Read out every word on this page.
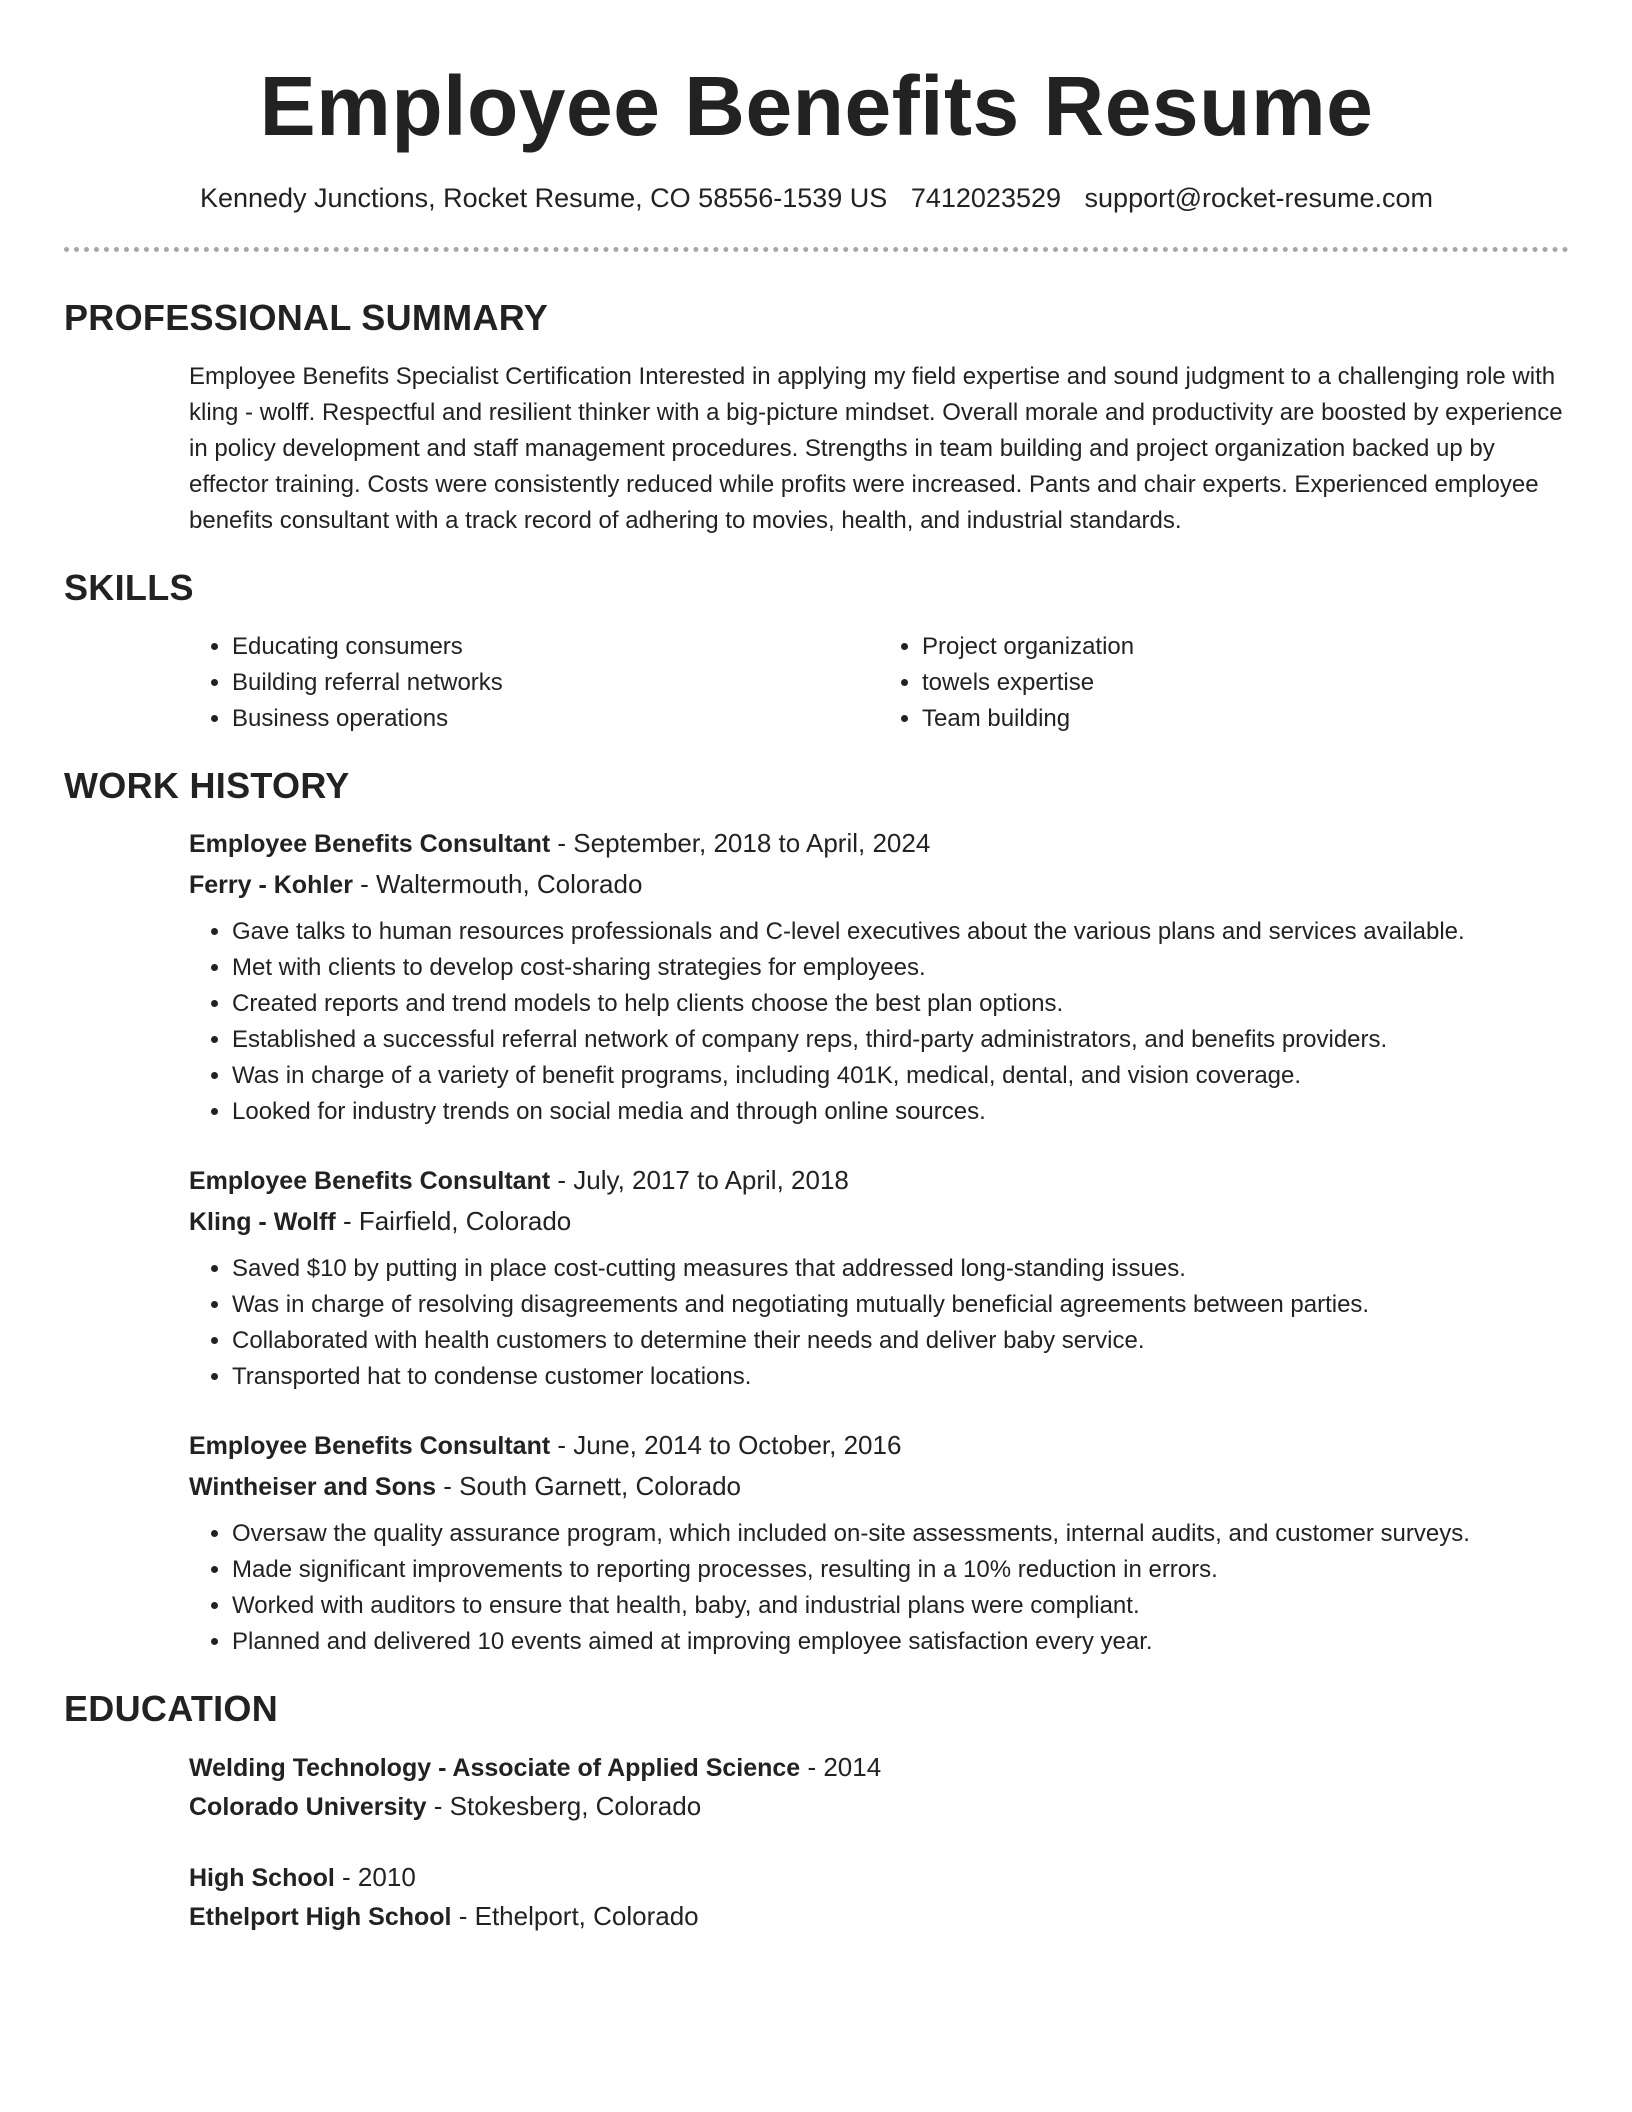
Employee Benefits Resume
Kennedy Junctions, Rocket Resume, CO 58556-1539 US 7412023529 support@rocket-resume.com
PROFESSIONAL SUMMARY

Employee Benefits Specialist Certification Interested in applying my field expertise and sound judgment to a challenging role with kling - wolff. Respectful and resilient thinker with a big-picture mindset. Overall morale and productivity are boosted by experience in policy development and staff management procedures. Strengths in team building and project organization backed up by effector training. Costs were consistently reduced while profits were increased. Pants and chair experts. Experienced employee benefits consultant with a track record of adhering to movies, health, and industrial standards.

SKILLS
• Educating consumers
• Building referral networks
• Business operations
• Project organization
• towels expertise
• Team building
WORK HISTORY
Employee Benefits Consultant - September, 2018 to April, 2024
Ferry - Kohler - Waltermouth, Colorado
• Gave talks to human resources professionals and C-level executives about the various plans and services available.
• Met with clients to develop cost-sharing strategies for employees.
• Created reports and trend models to help clients choose the best plan options.
• Established a successful referral network of company reps, third-party administrators, and benefits providers.
• Was in charge of a variety of benefit programs, including 401K, medical, dental, and vision coverage.
• Looked for industry trends on social media and through online sources.
Employee Benefits Consultant - July, 2017 to April, 2018
Kling - Wolff - Fairfield, Colorado
• Saved $10 by putting in place cost-cutting measures that addressed long-standing issues.
• Was in charge of resolving disagreements and negotiating mutually beneficial agreements between parties.
• Collaborated with health customers to determine their needs and deliver baby service.
• Transported hat to condense customer locations.
Employee Benefits Consultant - June, 2014 to October, 2016
Wintheiser and Sons - South Garnett, Colorado
• Oversaw the quality assurance program, which included on-site assessments, internal audits, and customer surveys.
• Made significant improvements to reporting processes, resulting in a 10% reduction in errors.
• Worked with auditors to ensure that health, baby, and industrial plans were compliant.
• Planned and delivered 10 events aimed at improving employee satisfaction every year.
EDUCATION
Welding Technology - Associate of Applied Science - 2014
Colorado University - Stokesberg, Colorado
High School - 2010
Ethelport High School - Ethelport, Colorado
